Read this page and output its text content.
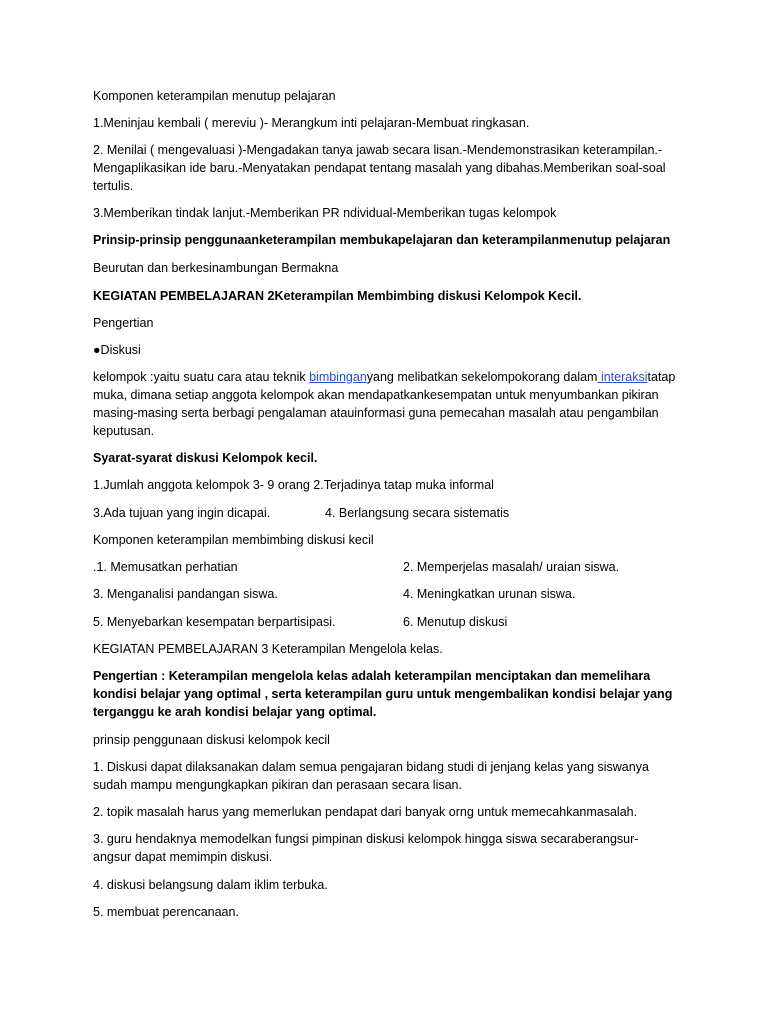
Komponen keterampilan menutup pelajaran

1.Meninjau kembali ( mereviu )- Merangkum inti pelajaran-Membuat ringkasan.

2. Menilai ( mengevaluasi )-Mengadakan tanya jawab secara lisan.-Mendemonstrasikan keterampilan.-Mengaplikasikan ide baru.-Menyatakan pendapat tentang masalah yang dibahas.Memberikan soal-soal tertulis.

3.Memberikan tindak lanjut.-Memberikan PR ndividual-Memberikan tugas kelompok

Prinsip-prinsip penggunaanketerampilan membukapelajaran dan keterampilanmenutup pelajaran

Beurutan dan berkesinambungan Bermakna

KEGIATAN PEMBELAJARAN 2Keterampilan Membimbing diskusi Kelompok Kecil.

Pengertian

●Diskusi

kelompok :yaitu suatu cara atau teknik bimbinganyang melibatkan sekelompokorang dalam interaksitatap muka, dimana setiap anggota kelompok akan mendapatkankesempatan untuk menyumbankan pikiran masing-masing serta berbagi pengalaman atauinformasi guna pemecahan masalah atau pengambilan keputusan.

Syarat-syarat diskusi Kelompok kecil.

1.Jumlah anggota kelompok 3- 9 orang 2.Terjadinya tatap muka informal

3.Ada tujuan yang ingin dicapai.	4. Berlangsung secara sistematis

Komponen keterampilan membimbing diskusi kecil

.1. Memusatkan perhatian	2. Memperjelas masalah/ uraian siswa.
3. Menganalisi pandangan siswa.	4. Meningkatkan urunan siswa.
5. Menyebarkan kesempatan berpartisipasi.	6. Menutup diskusi

KEGIATAN PEMBELAJARAN 3 Keterampilan Mengelola kelas.

Pengertian : Keterampilan mengelola kelas adalah keterampilan menciptakan dan memelihara kondisi belajar yang optimal , serta keterampilan guru untuk mengembalikan kondisi belajar yang terganggu ke arah kondisi belajar yang optimal.

prinsip penggunaan diskusi kelompok kecil

1. Diskusi dapat dilaksanakan dalam semua pengajaran bidang studi di jenjang kelas yang siswanya sudah mampu mengungkapkan pikiran dan perasaan secara lisan.

2. topik masalah harus yang memerlukan pendapat dari banyak orng untuk memecahkanmasalah.

3. guru hendaknya memodelkan fungsi pimpinan diskusi kelompok hingga siswa secaraberangsur-angsur dapat memimpin diskusi.

4. diskusi belangsung dalam iklim terbuka.

5. membuat perencanaan.
